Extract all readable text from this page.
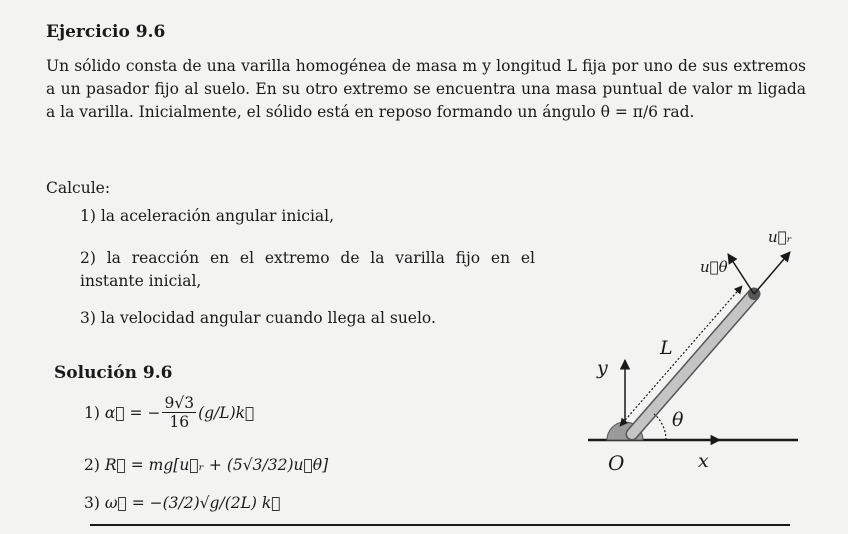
Ejercicio 9.6

Un sólido consta de una varilla homogénea de masa m y longitud L fija por uno de sus extremos a un pasador fijo al suelo. En su otro extremo se encuentra una masa puntual de valor m ligada a la varilla. Inicialmente, el sólido está en reposo formando un ángulo θ = π/6 rad.

Calcule:

1) la aceleración angular inicial,

2) la reacción en el extremo de la varilla fijo en el instante inicial,

3) la velocidad angular cuando llega al suelo.

Solución 9.6
1)
α⃗ = − $\frac{9√3}{16}$ (g/L)k⃗
2)
R⃗ = mg[u⃗ᵣ + (5√3/32)u⃗θ]
3)
ω⃗ = −(3/2)√g/(2L) k⃗
u⃗ᵣ
u⃗θ
L
y
x
θ
O
